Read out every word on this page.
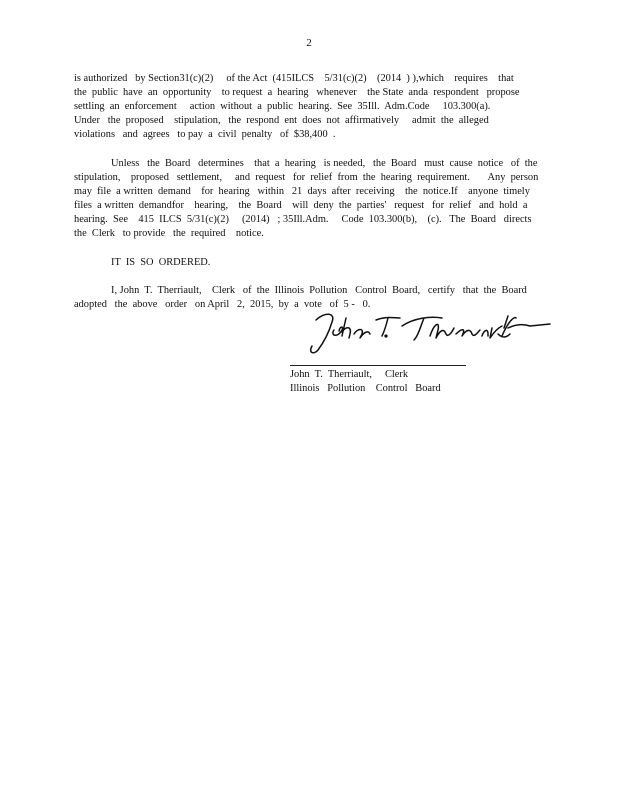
2
is authorized   by Section31(c)(2)     of the Act  (415ILCS    5/31(c)(2)    (2014  ) ),which    requires    that
the  public  have  an  opportunity    to request  a  hearing   whenever    the State  anda  respondent   propose
settling  an  enforcement     action  without  a  public  hearing.  See  35Ill.  Adm.Code     103.300(a).
Under   the  proposed    stipulation,   the  respond  ent  does  not  affirmatively     admit  the  alleged
violations   and  agrees   to pay  a  civil  penalty   of  $38,400  .
Unless   the  Board   determines    that  a  hearing   is needed,   the  Board   must  cause  notice   of  the
stipulation,    proposed   settlement,     and  request   for  relief  from  the  hearing  requirement.       Any  person
may  file  a written  demand    for  hearing   within   21  days  after  receiving    the  notice.If    anyone  timely
files  a written  demandfor    hearing,    the  Board    will  deny  the  parties'   request   for  relief   and  hold  a
hearing.  See    415  ILCS  5/31(c)(2)     (2014)   ; 35Ill.Adm.     Code  103.300(b),    (c).   The  Board   directs
the  Clerk   to provide   the  required    notice.
IT  IS  SO  ORDERED.
I, John  T.  Therriault,    Clerk   of  the  Illinois  Pollution   Control  Board,   certify   that  the  Board
adopted   the  above   order   on April   2,  2015,  by  a  vote   of  5 -   0.
John  T.  Therriault,     Clerk
Illinois   Pollution    Control   Board
